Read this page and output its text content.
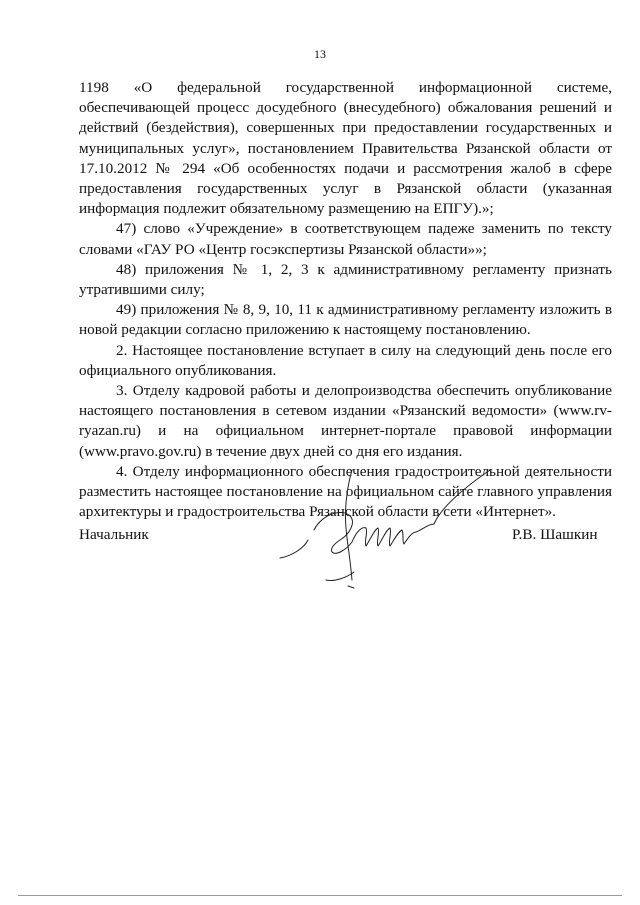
13

1198 «О федеральной государственной информационной системе, обеспечивающей процесс досудебного (внесудебного) обжалования решений и действий (бездействия), совершенных при предоставлении государственных и муниципальных услуг», постановлением Правительства Рязанской области от 17.10.2012 № 294 «Об особенностях подачи и рассмотрения жалоб в сфере предоставления государственных услуг в Рязанской области (указанная информация подлежит обязательному размещению на ЕПГУ).»;

47) слово «Учреждение» в соответствующем падеже заменить по тексту словами «ГАУ РО «Центр госэкспертизы Рязанской области»»;

48) приложения № 1, 2, 3 к административному регламенту признать утратившими силу;

49) приложения № 8, 9, 10, 11 к административному регламенту изложить в новой редакции согласно приложению к настоящему постановлению.

2. Настоящее постановление вступает в силу на следующий день после его официального опубликования.

3. Отделу кадровой работы и делопроизводства обеспечить опубликование настоящего постановления в сетевом издании «Рязанский ведомости» (www.rv-ryazan.ru) и на официальном интернет-портале правовой информации (www.pravo.gov.ru) в течение двух дней со дня его издания.

4. Отделу информационного обеспечения градостроительной деятельности разместить настоящее постановление на официальном сайте главного управления архитектуры и градостроительства Рязанской области в сети «Интернет».

Начальник	Р.В. Шашкин
